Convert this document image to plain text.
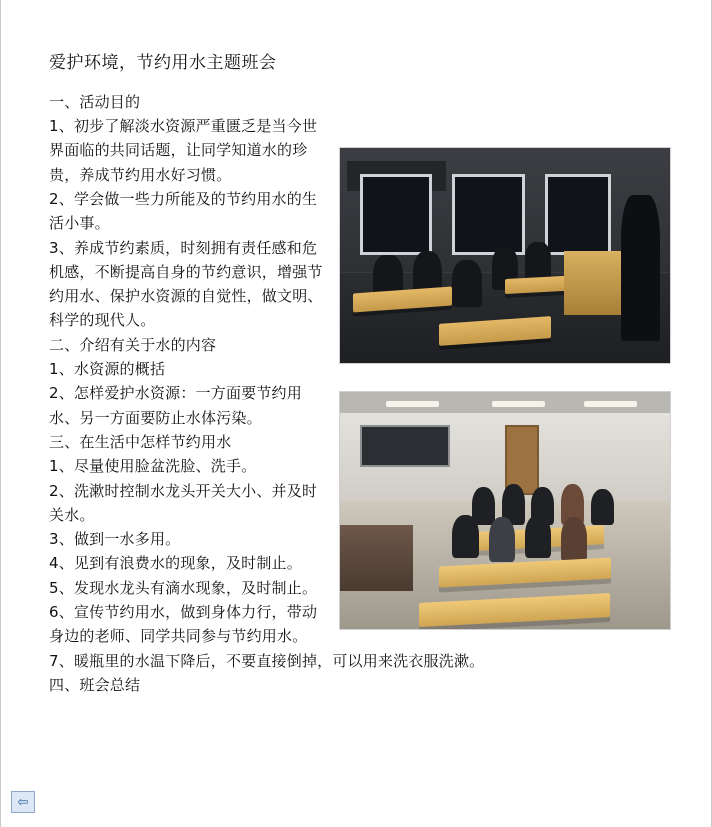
爱护环境，节约用水主题班会

一、活动目的

1、初步了解淡水资源严重匮乏是当今世界面临的共同话题，让同学知道水的珍贵，养成节约用水好习惯。

2、学会做一些力所能及的节约用水的生活小事。

3、养成节约素质，时刻拥有责任感和危机感，不断提高自身的节约意识，增强节约用水、保护水资源的自觉性，做文明、科学的现代人。

二、介绍有关于水的内容

1、水资源的概括

2、怎样爱护水资源：一方面要节约用水、另一方面要防止水体污染。

三、在生活中怎样节约用水

1、尽量使用脸盆洗脸、洗手。

2、洗漱时控制水龙头开关大小、并及时关水。

3、做到一水多用。

4、见到有浪费水的现象，及时制止。

5、发现水龙头有滴水现象，及时制止。

6、宣传节约用水，做到身体力行，带动身边的老师、同学共同参与节约用水。

7、暖瓶里的水温下降后，不要直接倒掉，可以用来洗衣服洗漱。

四、班会总结

⇦
